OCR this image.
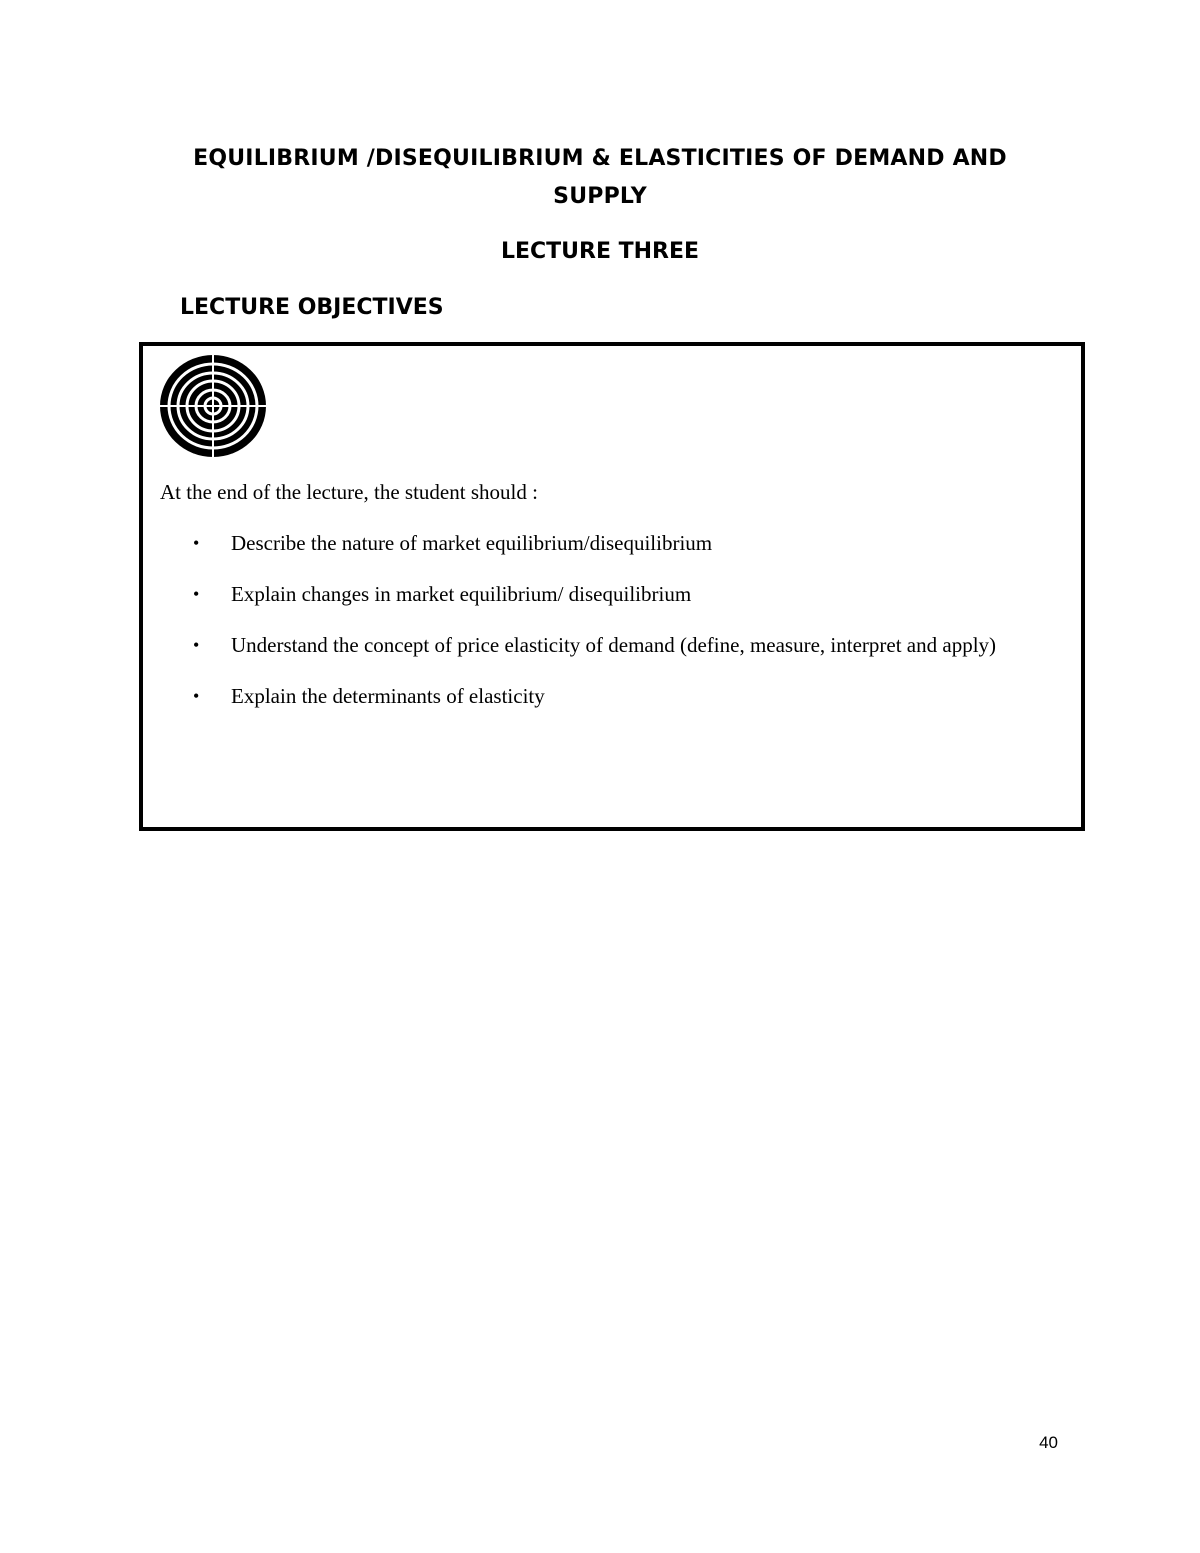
EQUILIBRIUM /DISEQUILIBRIUM & ELASTICITIES OF DEMAND AND SUPPLY
LECTURE THREE
LECTURE OBJECTIVES

At the end of the lecture, the student should :

• Describe the nature of market equilibrium/disequilibrium
• Explain changes in market equilibrium/ disequilibrium
• Understand the concept of price elasticity of demand (define, measure, interpret and apply)
• Explain the determinants of elasticity
40
